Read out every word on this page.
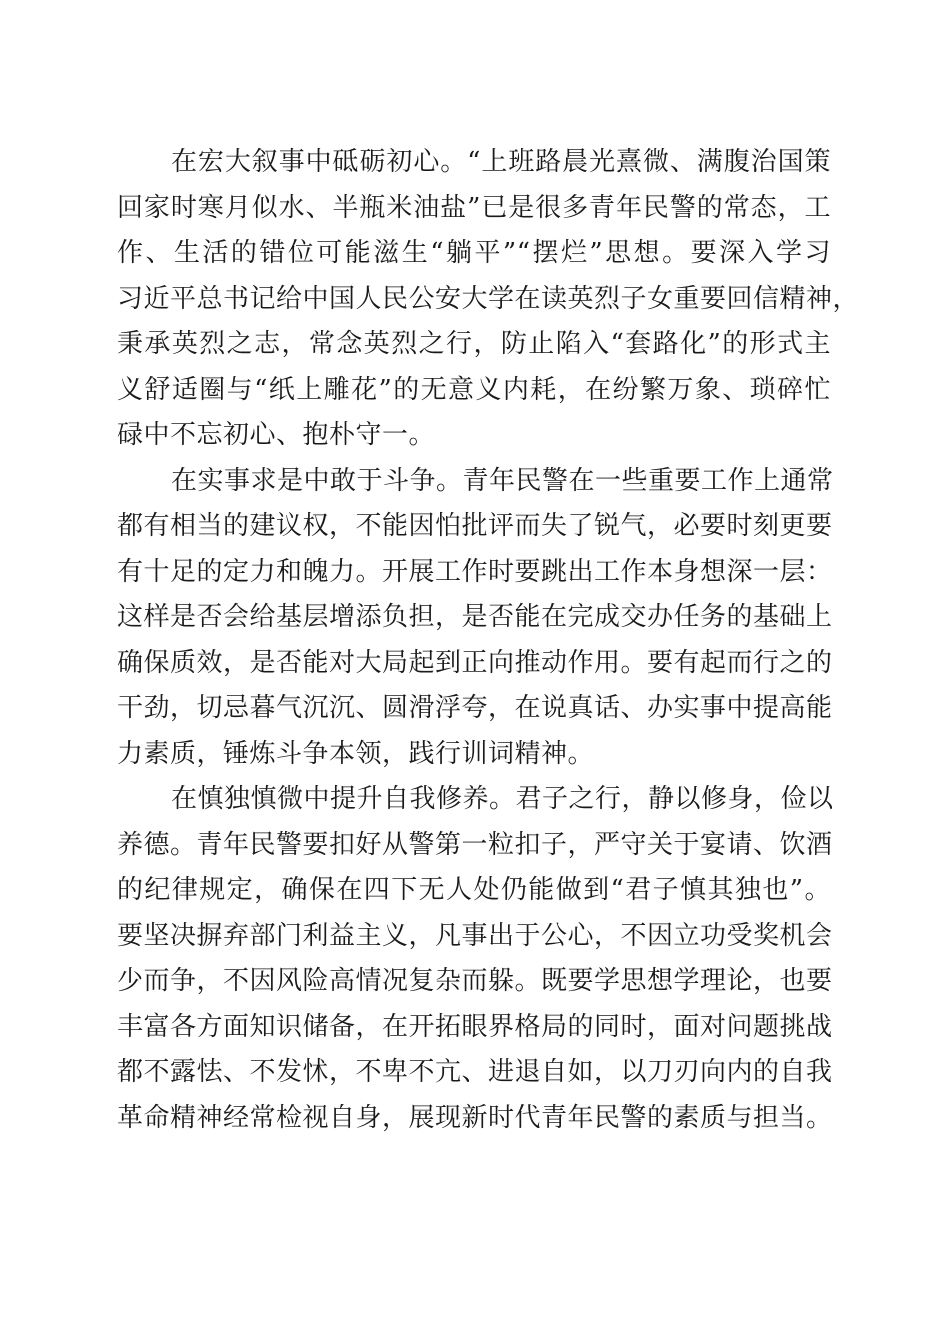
在宏大叙事中砥砺初心。“上班路晨光熹微、满腹治国策
回家时寒月似水、半瓶米油盐”已是很多青年民警的常态，工
作、生活的错位可能滋生“躺平”“摆烂”思想。要深入学习
习近平总书记给中国人民公安大学在读英烈子女重要回信精神，
秉承英烈之志，常念英烈之行，防止陷入“套路化”的形式主
义舒适圈与“纸上雕花”的无意义内耗，在纷繁万象、琐碎忙
碌中不忘初心、抱朴守一。
在实事求是中敢于斗争。青年民警在一些重要工作上通常
都有相当的建议权，不能因怕批评而失了锐气，必要时刻更要
有十足的定力和魄力。开展工作时要跳出工作本身想深一层：
这样是否会给基层增添负担，是否能在完成交办任务的基础上
确保质效，是否能对大局起到正向推动作用。要有起而行之的
干劲，切忌暮气沉沉、圆滑浮夸，在说真话、办实事中提高能
力素质，锤炼斗争本领，践行训词精神。
在慎独慎微中提升自我修养。君子之行，静以修身，俭以
养德。青年民警要扣好从警第一粒扣子，严守关于宴请、饮酒
的纪律规定，确保在四下无人处仍能做到“君子慎其独也”。
要坚决摒弃部门利益主义，凡事出于公心，不因立功受奖机会
少而争，不因风险高情况复杂而躲。既要学思想学理论，也要
丰富各方面知识储备，在开拓眼界格局的同时，面对问题挑战
都不露怯、不发怵，不卑不亢、进退自如，以刀刃向内的自我
革命精神经常检视自身，展现新时代青年民警的素质与担当。
